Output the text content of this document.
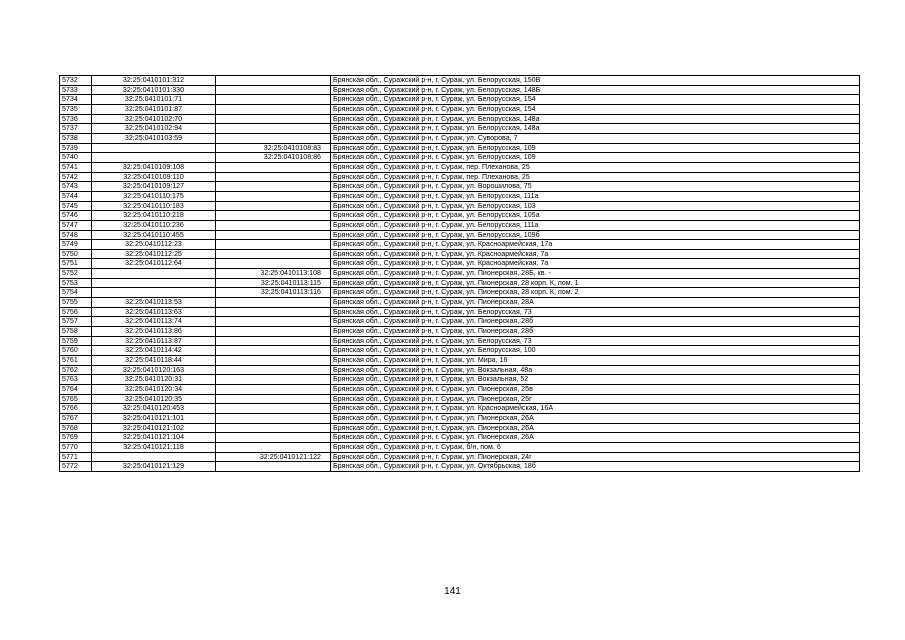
5732	32:25:0410101:312		Брянская обл., Суражский р-н, г. Сураж, ул. Белорусская, 150В
5733	32:25:0410101:330		Брянская обл., Суражский р-н, г. Сураж, ул. Белорусская, 148Б
5734	32:25:0410101:71		Брянская обл., Суражский р-н, г. Сураж, ул. Белорусская, 154
5735	32:25:0410101:87		Брянская обл., Суражский р-н, г. Сураж, ул. Белорусская, 154
5736	32:25:0410102:70		Брянская обл., Суражский р-н, г. Сураж, ул. Белорусская, 148а
5737	32:25:0410102:94		Брянская обл., Суражский р-н, г. Сураж, ул. Белорусская, 148а
5738	32:25:0410103:59		Брянская обл., Суражский р-н, г. Сураж, ул. Суворова, 7
5739		32:25:0410108:83	Брянская обл., Суражский р-н, г. Сураж, ул. Белорусская, 109
5740		32:25:0410108:86	Брянская обл., Суражский р-н, г. Сураж, ул. Белорусская, 109
5741	32:25:0410109:108		Брянская обл., Суражский р-н, г. Сураж, пер. Плеханова, 25
5742	32:25:0410109:110		Брянская обл., Суражский р-н, г. Сураж, пер. Плеханова, 25
5743	32:25:0410109:127		Брянская обл., Суражский р-н, г. Сураж, ул. Ворошилова, 75
5744	32:25:0410110:175		Брянская обл., Суражский р-н, г. Сураж, ул. Белорусская, 111а
5745	32:25:0410110:183		Брянская обл., Суражский р-н, г. Сураж, ул. Белорусская, 103
5746	32:25:0410110:218		Брянская обл., Суражский р-н, г. Сураж, ул. Белорусская, 105а
5747	32:25:0410110:236		Брянская обл., Суражский р-н, г. Сураж, ул. Белорусская, 111а
5748	32:25:0410110:455		Брянская обл., Суражский р-н, г. Сураж, ул. Белорусская, 109б
5749	32:25:0410112:23		Брянская обл., Суражский р-н, г. Сураж, ул. Красноармейская, 17а
5750	32:25:0410112:25		Брянская обл., Суражский р-н, г. Сураж, ул. Красноармейская, 7а
5751	32:25:0410112:64		Брянская обл., Суражский р-н, г. Сураж, ул. Красноармейская, 7а
5752		32:25:0410113:108	Брянская обл., Суражский р-н, г. Сураж, ул. Пионерская, 28Б, кв. -
5753		32:25:0410113:115	Брянская обл., Суражский р-н, г. Сураж, ул. Пионерская, 28 корп. К, пом. 1
5754		32:25:0410113:116	Брянская обл., Суражский р-н, г. Сураж, ул. Пионерская, 28 корп. К, пом. 2
5755	32:25:0410113:53		Брянская обл., Суражский р-н, г. Сураж, ул. Пионерская, 28А
5756	32:25:0410113:63		Брянская обл., Суражский р-н, г. Сураж, ул. Белорусская, 73
5757	32:25:0410113:74		Брянская обл., Суражский р-н, г. Сураж, ул. Пионерская, 28б
5758	32:25:0410113:86		Брянская обл., Суражский р-н, г. Сураж, ул. Пионерская, 28б
5759	32:25:0410113:87		Брянская обл., Суражский р-н, г. Сураж, ул. Белорусская, 73
5760	32:25:0410114:42		Брянская обл., Суражский р-н, г. Сураж, ул. Белорусская, 100
5761	32:25:0410118:44		Брянская обл., Суражский р-н, г. Сураж, ул. Мира, 16
5762	32:25:0410120:163		Брянская обл., Суражский р-н, г. Сураж, ул. Вокзальная, 48а
5763	32:25:0410120:31		Брянская обл., Суражский р-н, г. Сураж, ул. Вокзальная, 52
5764	32:25:0410120:34		Брянская обл., Суражский р-н, г. Сураж, ул. Пионерская, 25в
5765	32:25:0410120:35		Брянская обл., Суражский р-н, г. Сураж, ул. Пионерская, 25г
5766	32:25:0410120:453		Брянская обл., Суражский р-н, г. Сураж, ул. Красноармейская, 16А
5767	32:25:0410121:101		Брянская обл., Суражский р-н, г. Сураж, ул. Пионерская, 26А
5768	32:25:0410121:102		Брянская обл., Суражский р-н, г. Сураж, ул. Пионерская, 26А
5769	32:25:0410121:104		Брянская обл., Суражский р-н, г. Сураж, ул. Пионерская, 26А
5770	32:25:0410121:118		Брянская обл., Суражский р-н, г. Сураж, б/н, пом. 6
5771		32:25:0410121:122	Брянская обл., Суражский р-н, г. Сураж, ул. Пионерская, 24г
5772	32:25:0410121:129		Брянская обл., Суражский р-н, г. Сураж, ул. Октябрьская, 18б
141
